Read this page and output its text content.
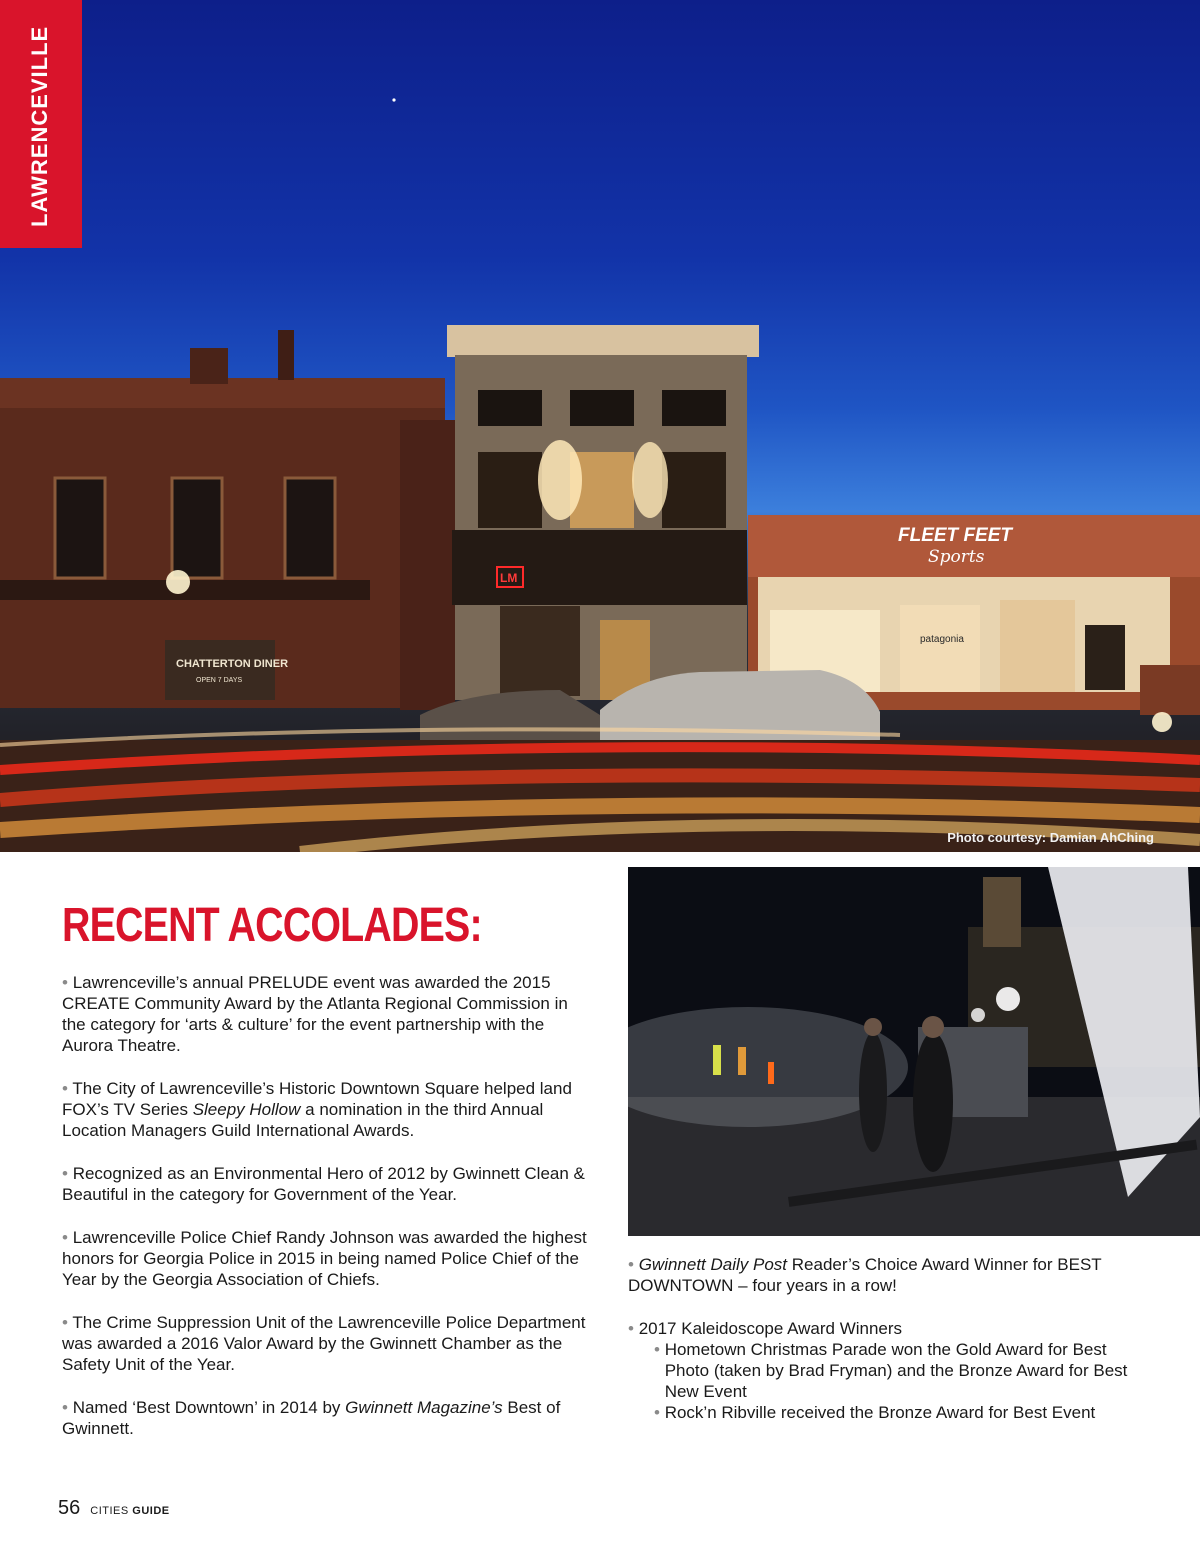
FLEET FEET
Sports
patagonia
CHATTERTON DINER
OPEN 7 DAYS
LM
LAWRENCEVILLE
Photo courtesy: Damian AhChing
RECENT ACCOLADES:

• Lawrenceville’s annual PRELUDE event was awarded the 2015 CREATE Community Award by the Atlanta Regional Commission in the category for ‘arts & culture’ for the event partnership with the Aurora Theatre.

• The City of Lawrenceville’s Historic Downtown Square helped land FOX’s TV Series Sleepy Hollow a nomination in the third Annual Location Managers Guild International Awards.

• Recognized as an Environmental Hero of 2012 by Gwinnett Clean & Beautiful in the category for Government of the Year.

• Lawrenceville Police Chief Randy Johnson was awarded the highest honors for Georgia Police in 2015 in being named Police Chief of the Year by the Georgia Association of Chiefs.

• The Crime Suppression Unit of the Lawrenceville Police Department was awarded a 2016 Valor Award by the Gwinnett Chamber as the Safety Unit of the Year.

• Named ‘Best Downtown’ in 2014 by Gwinnett Magazine’s Best of Gwinnett.

• Gwinnett Daily Post Reader’s Choice Award Winner for BEST DOWNTOWN – four years in a row!

• 2017 Kaleidoscope Award Winners

• Hometown Christmas Parade won the Gold Award for Best Photo (taken by Brad Fryman) and the Bronze Award for Best New Event

• Rock’n Ribville received the Bronze Award for Best Event

56 CITIES GUIDE
